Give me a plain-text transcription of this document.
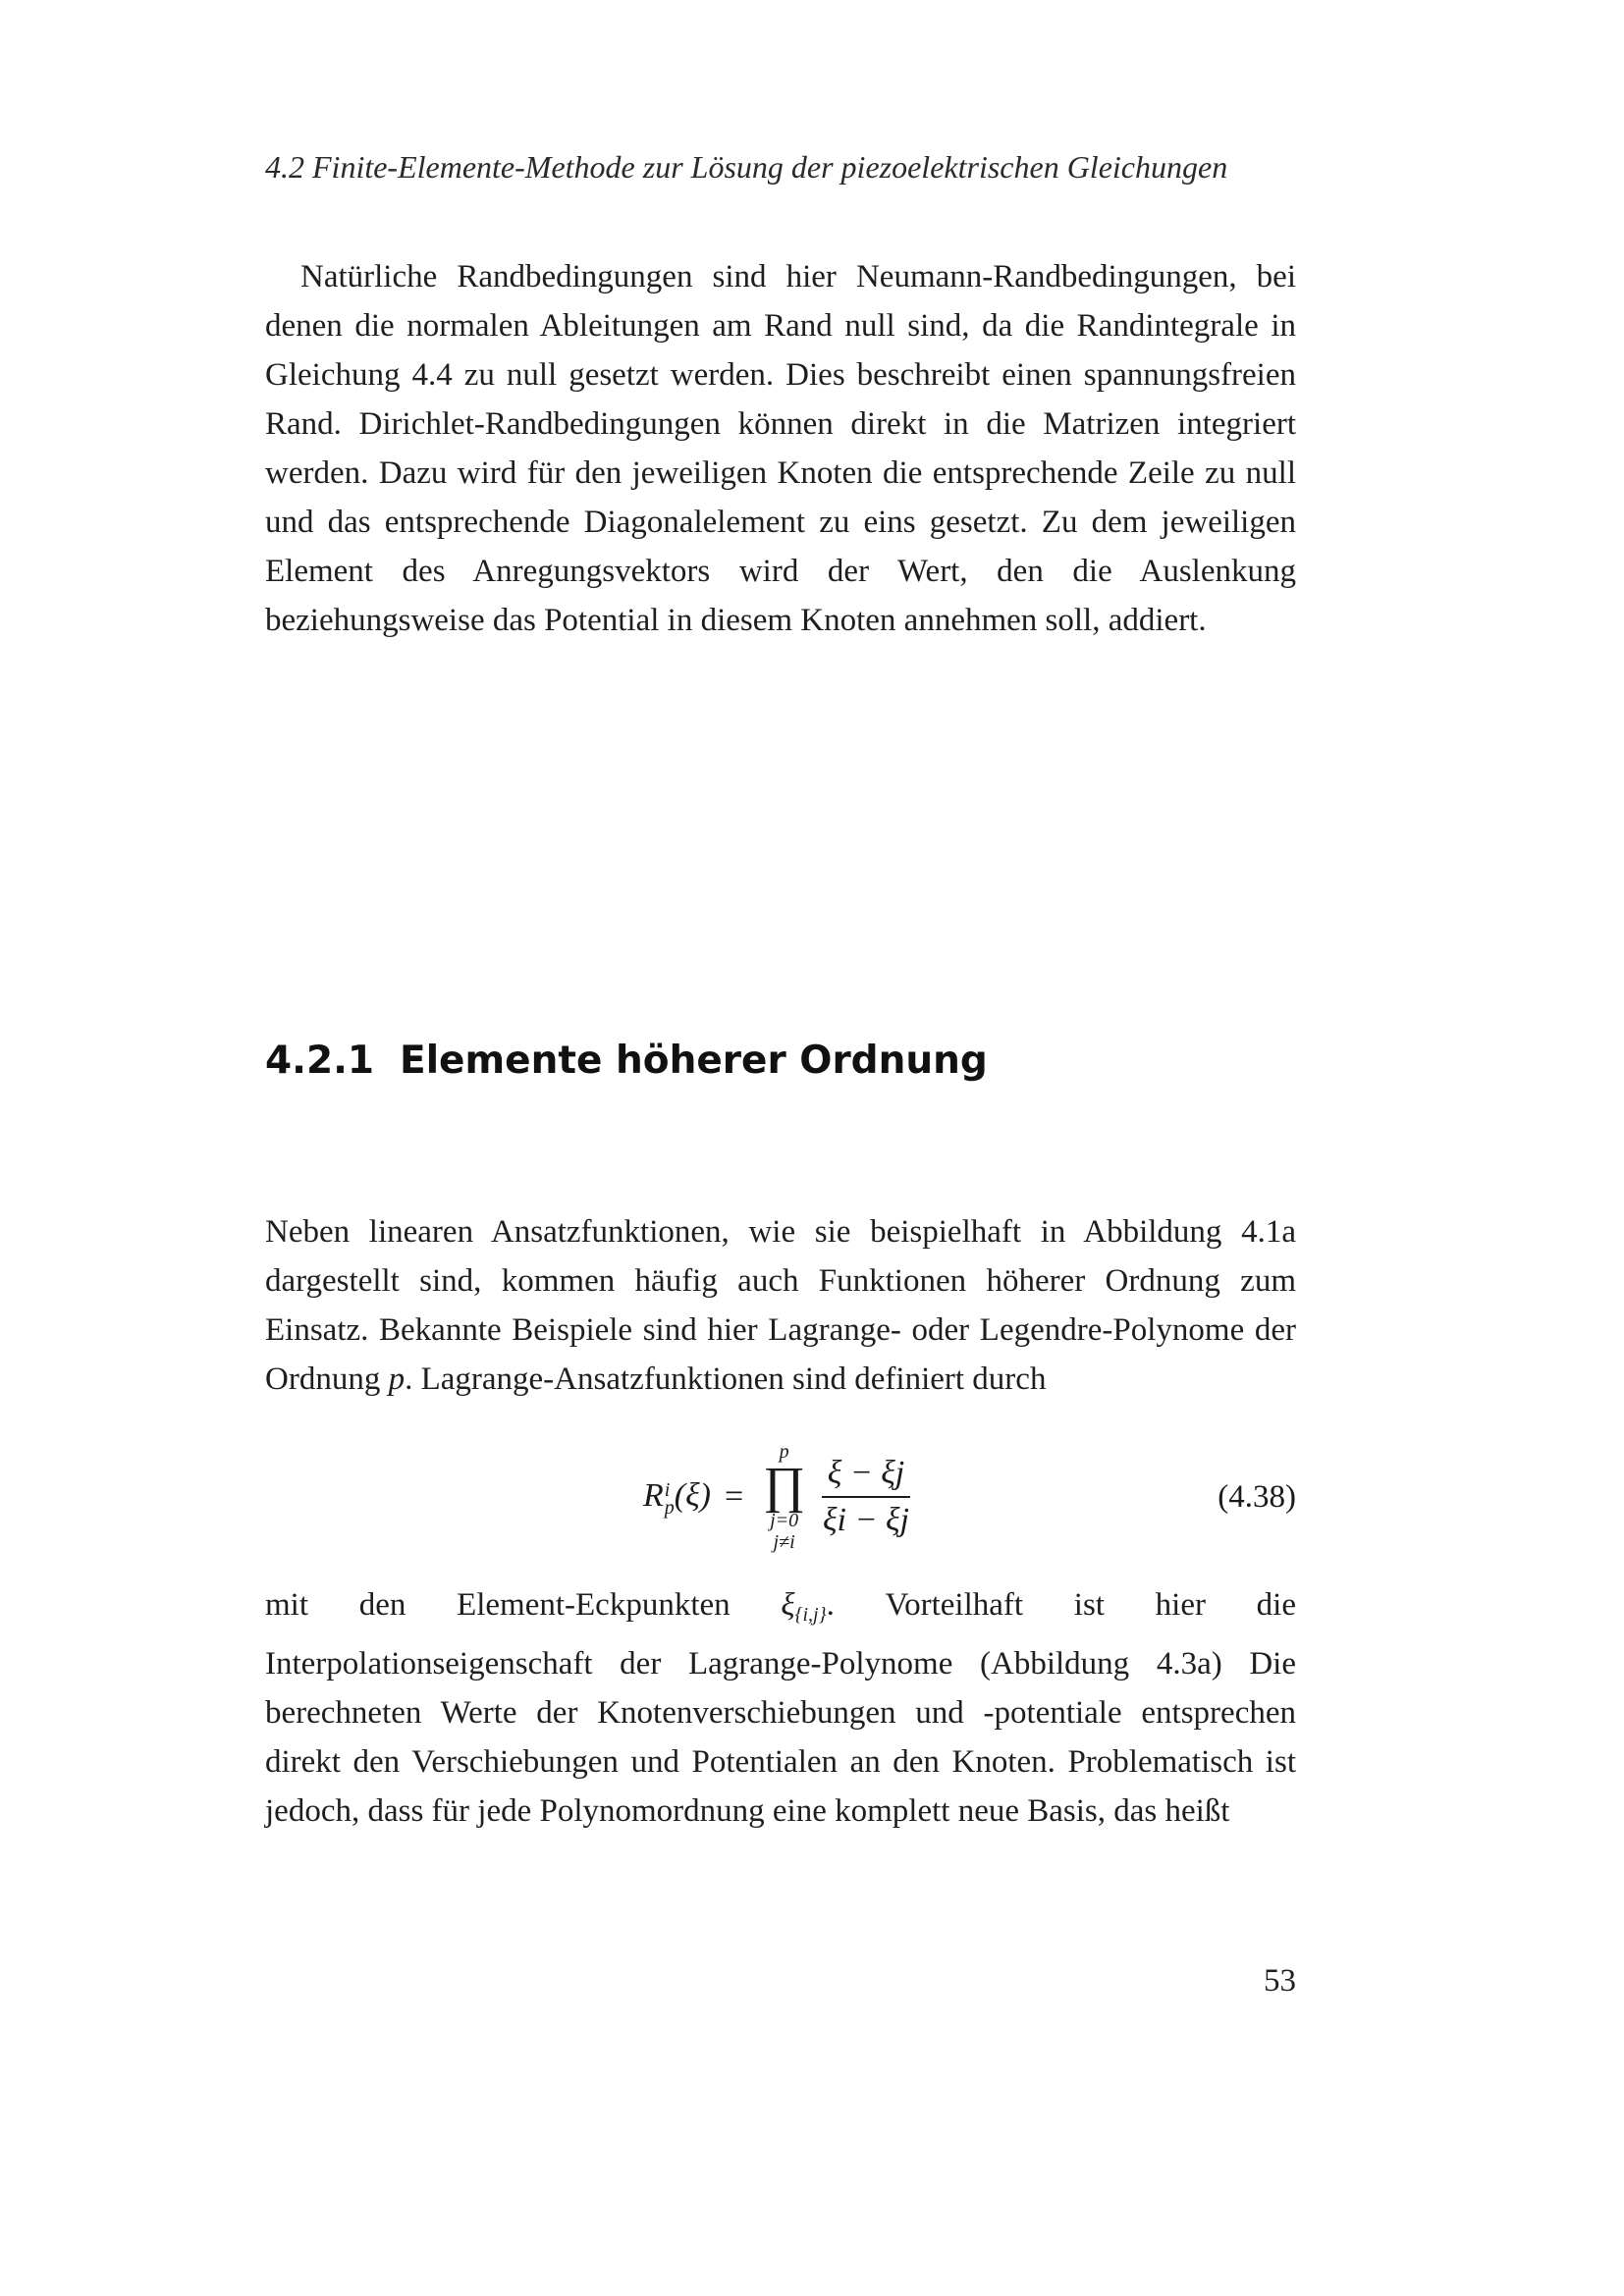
4.2 Finite-Elemente-Methode zur Lösung der piezoelektrischen Gleichungen

Natürliche Randbedingungen sind hier Neumann-Randbedingungen, bei denen die normalen Ableitungen am Rand null sind, da die Randintegrale in Gleichung 4.4 zu null gesetzt werden. Dies beschreibt einen spannungsfreien Rand. Dirichlet-Randbedingungen können direkt in die Matrizen integriert werden. Dazu wird für den jeweiligen Knoten die entsprechende Zeile zu null und das entsprechende Diagonalelement zu eins gesetzt. Zu dem jeweiligen Element des Anregungsvektors wird der Wert, den die Auslenkung beziehungsweise das Potential in diesem Knoten annehmen soll, addiert.

4.2.1 Elemente höherer Ordnung

Neben linearen Ansatzfunktionen, wie sie beispielhaft in Abbildung 4.1a dargestellt sind, kommen häufig auch Funktionen höherer Ordnung zum Einsatz. Bekannte Beispiele sind hier Lagrange- oder Legendre-Polynome der Ordnung p. Lagrange-Ansatzfunktionen sind definiert durch

R i
p (ξ) =
p
∏
j=0
j≠i
$\frac{\xi - \xi j}{\xi i - \xi j}$	(4.38)

mit den Element-Eckpunkten ξ{i,j}. Vorteilhaft ist hier die Interpolationseigenschaft der Lagrange-Polynome (Abbildung 4.3a) Die berechneten Werte der Knotenverschiebungen und -potentiale entsprechen direkt den Verschiebungen und Potentialen an den Knoten. Problematisch ist jedoch, dass für jede Polynomordnung eine komplett neue Basis, das heißt

53
